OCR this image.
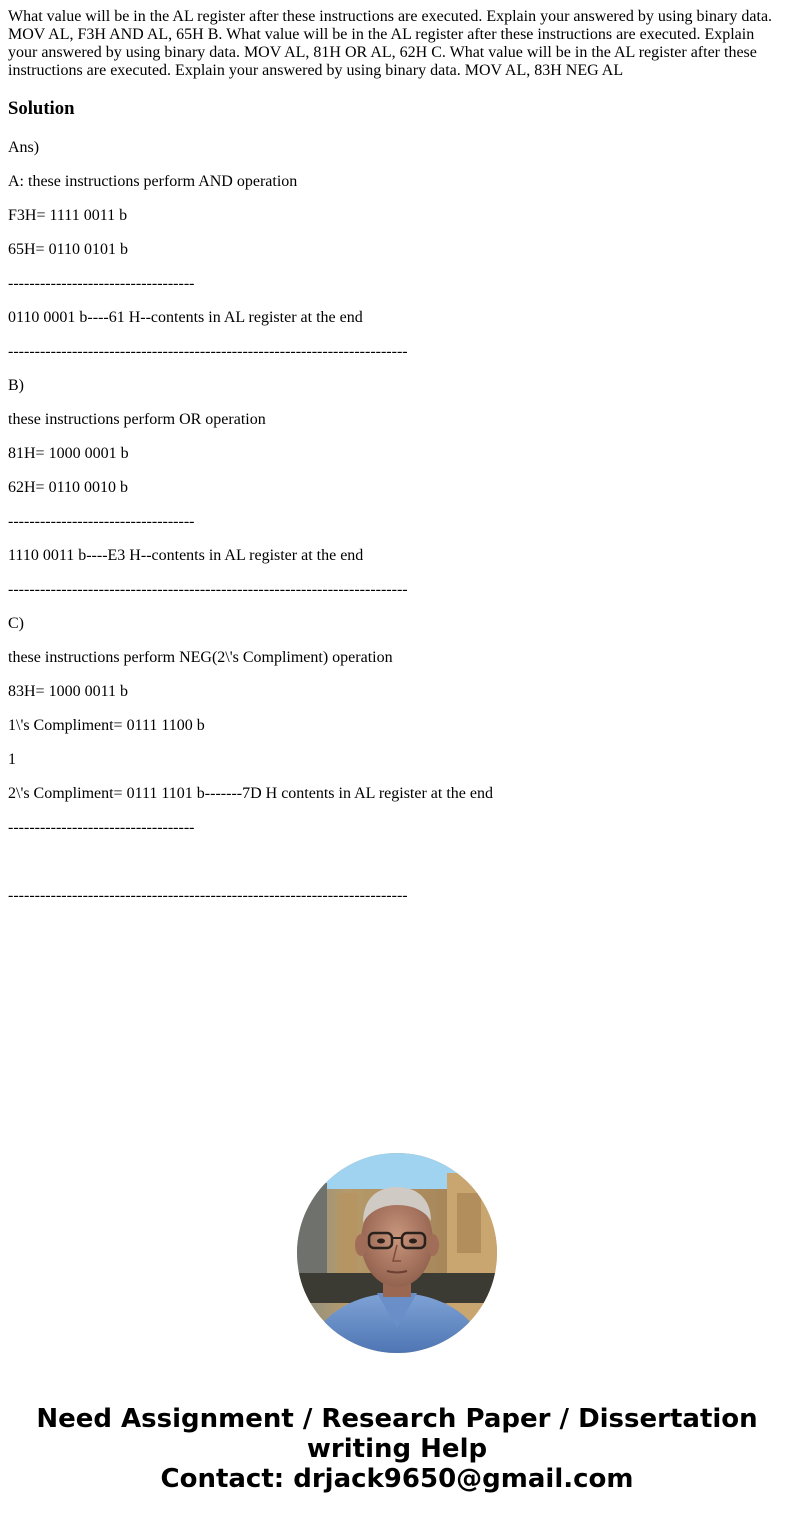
What value will be in the AL register after these instructions are executed. Explain your answered by using binary data. MOV AL, F3H AND AL, 65H B. What value will be in the AL register after these instructions are executed. Explain your answered by using binary data. MOV AL, 81H OR AL, 62H C. What value will be in the AL register after these instructions are executed. Explain your answered by using binary data. MOV AL, 83H NEG AL
Solution

Ans)

A: these instructions perform AND operation

F3H= 1111 0011 b

65H= 0110 0101 b

-----------------------------------

0110 0001 b----61 H--contents in AL register at the end

---------------------------------------------------------------------------

B)

these instructions perform OR operation

81H= 1000 0001 b

62H= 0110 0010 b

-----------------------------------

1110 0011 b----E3 H--contents in AL register at the end

---------------------------------------------------------------------------

C)

these instructions perform NEG(2\'s Compliment) operation

83H= 1000 0011 b

1\'s Compliment= 0111 1100 b

1

2\'s Compliment= 0111 1101 b-------7D H contents in AL register at the end

-----------------------------------

---------------------------------------------------------------------------

Need Assignment / Research Paper / Dissertation
writing Help
Contact: drjack9650@gmail.com
